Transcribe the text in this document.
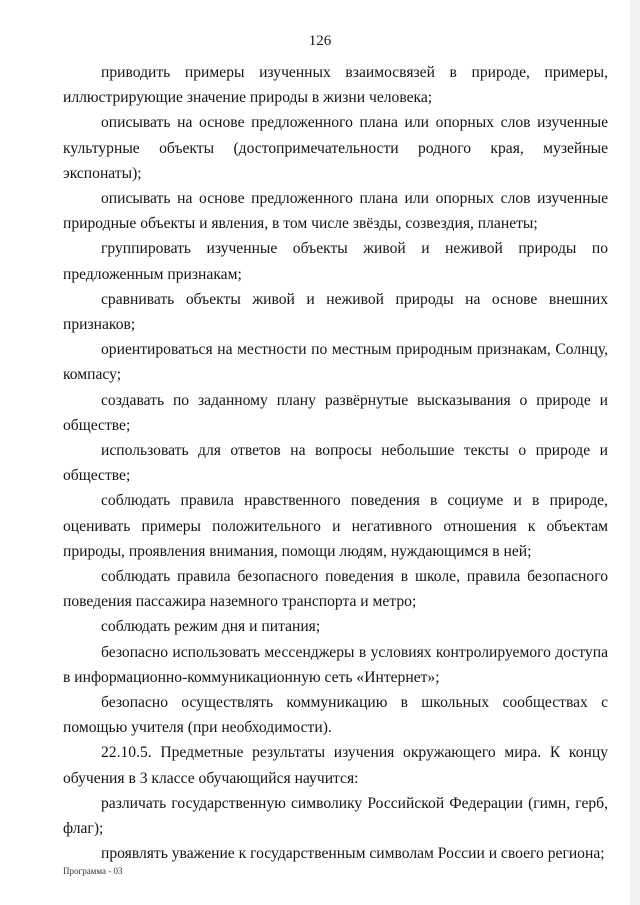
126

приводить примеры изученных взаимосвязей в природе, примеры, иллюстрирующие значение природы в жизни человека;

описывать на основе предложенного плана или опорных слов изученные культурные объекты (достопримечательности родного края, музейные экспонаты);

описывать на основе предложенного плана или опорных слов изученные природные объекты и явления, в том числе звёзды, созвездия, планеты;

группировать изученные объекты живой и неживой природы по предложенным признакам;

сравнивать объекты живой и неживой природы на основе внешних признаков;

ориентироваться на местности по местным природным признакам, Солнцу, компасу;

создавать по заданному плану развёрнутые высказывания о природе и обществе;

использовать для ответов на вопросы небольшие тексты о природе и обществе;

соблюдать правила нравственного поведения в социуме и в природе, оценивать примеры положительного и негативного отношения к объектам природы, проявления внимания, помощи людям, нуждающимся в ней;

соблюдать правила безопасного поведения в школе, правила безопасного поведения пассажира наземного транспорта и метро;

соблюдать режим дня и питания;

безопасно использовать мессенджеры в условиях контролируемого доступа в информационно-коммуникационную сеть «Интернет»;

безопасно осуществлять коммуникацию в школьных сообществах с помощью учителя (при необходимости).

22.10.5. Предметные результаты изучения окружающего мира. К концу обучения в 3 классе обучающийся научится:

различать государственную символику Российской Федерации (гимн, герб, флаг);

проявлять уважение к государственным символам России и своего региона;

Программа - 03
